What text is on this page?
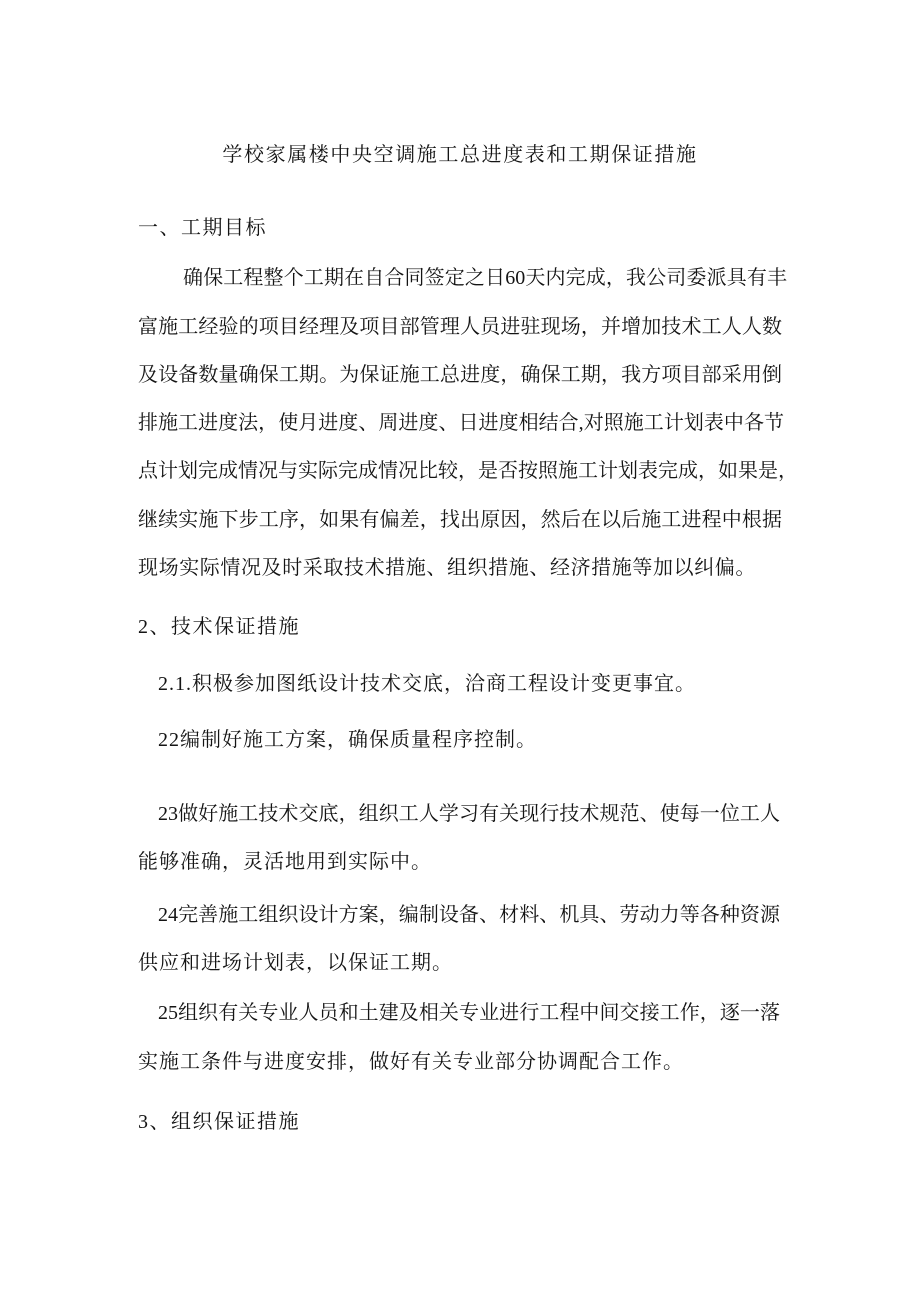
学校家属楼中央空调施工总进度表和工期保证措施
一、工期目标
确保工程整个工期在自合同签定之日60天内完成，我公司委派具有丰
富施工经验的项目经理及项目部管理人员进驻现场，并增加技术工人人数
及设备数量确保工期。为保证施工总进度，确保工期，我方项目部采用倒
排施工进度法，使月进度、周进度、日进度相结合,对照施工计划表中各节
点计划完成情况与实际完成情况比较，是否按照施工计划表完成，如果是，
继续实施下步工序，如果有偏差，找出原因，然后在以后施工进程中根据
现场实际情况及时采取技术措施、组织措施、经济措施等加以纠偏。
2、技术保证措施
2.1.积极参加图纸设计技术交底，洽商工程设计变更事宜。
22编制好施工方案，确保质量程序控制。
23做好施工技术交底，组织工人学习有关现行技术规范、使每一位工人
能够准确，灵活地用到实际中。
24完善施工组织设计方案，编制设备、材料、机具、劳动力等各种资源
供应和进场计划表，以保证工期。
25组织有关专业人员和土建及相关专业进行工程中间交接工作，逐一落
实施工条件与进度安排，做好有关专业部分协调配合工作。
3、组织保证措施
